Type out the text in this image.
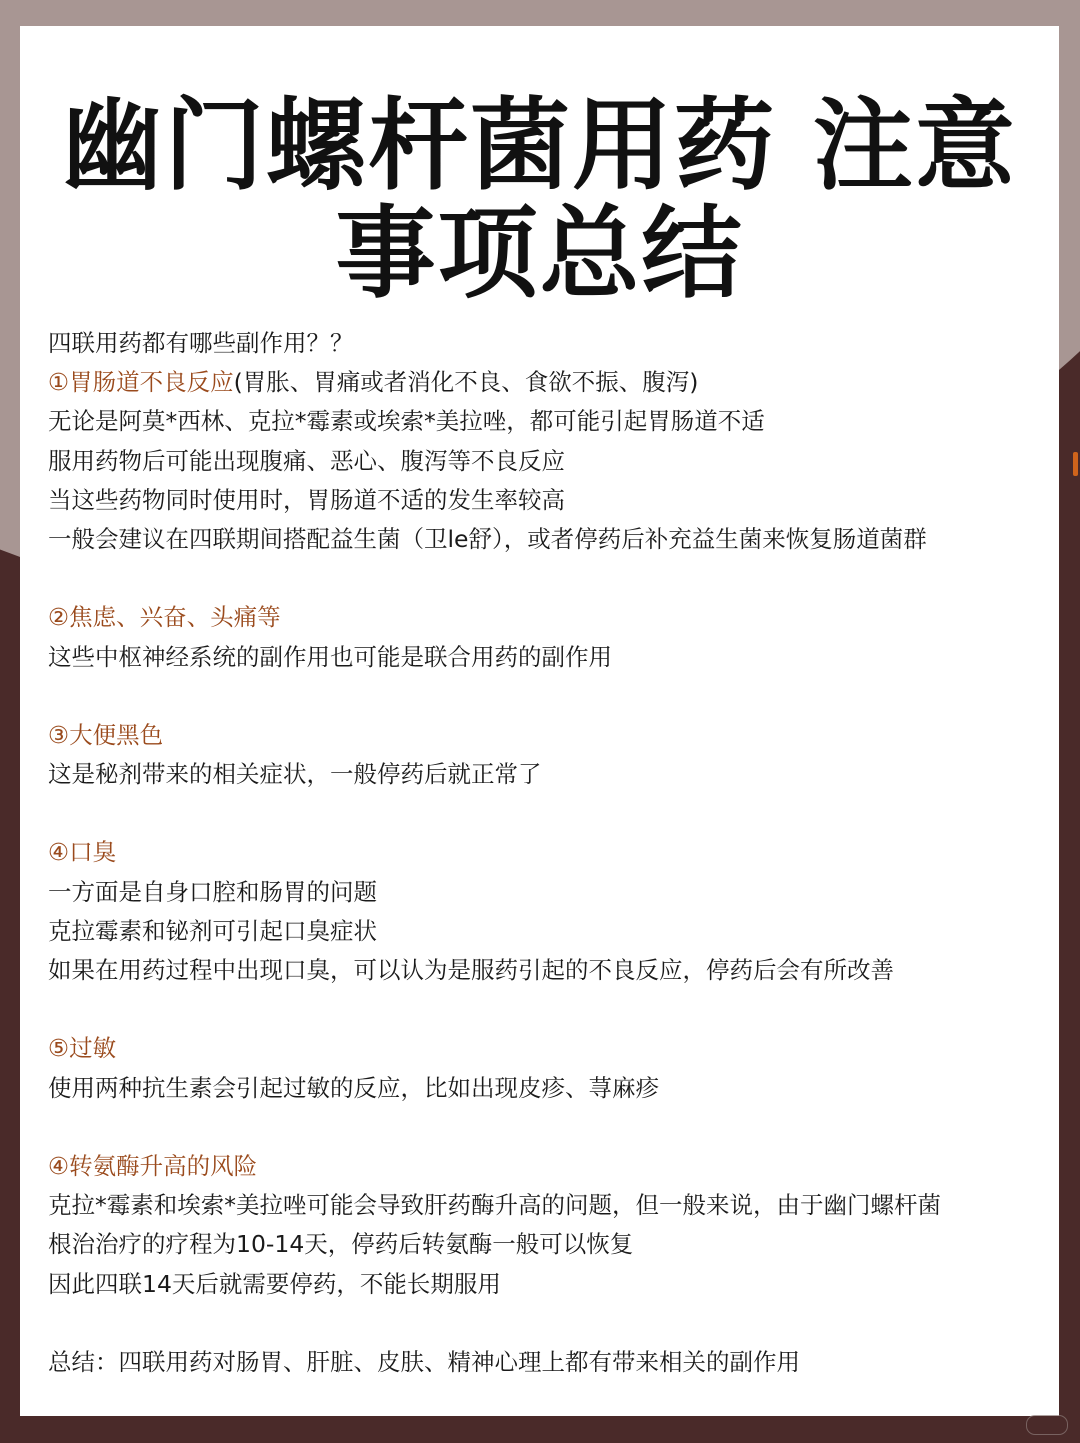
幽门螺杆菌用药 注意
事项总结
四联用药都有哪些副作用？？
①胃肠道不良反应(胃胀、胃痛或者消化不良、食欲不振、腹泻)
无论是阿莫*西林、克拉*霉素或埃索*美拉唑，都可能引起胃肠道不适
服用药物后可能出现腹痛、恶心、腹泻等不良反应
当这些药物同时使用时，胃肠道不适的发生率较高
一般会建议在四联期间搭配益生菌（卫le舒），或者停药后补充益生菌来恢复肠道菌群
②焦虑、兴奋、头痛等
这些中枢神经系统的副作用也可能是联合用药的副作用
③大便黑色
这是秘剂带来的相关症状，一般停药后就正常了
④口臭
一方面是自身口腔和肠胃的问题
克拉霉素和铋剂可引起口臭症状
如果在用药过程中出现口臭，可以认为是服药引起的不良反应，停药后会有所改善
⑤过敏
使用两种抗生素会引起过敏的反应，比如出现皮疹、荨麻疹
④转氨酶升高的风险
克拉*霉素和埃索*美拉唑可能会导致肝药酶升高的问题，但一般来说，由于幽门螺杆菌
根治治疗的疗程为10-14天，停药后转氨酶一般可以恢复
因此四联14天后就需要停药，不能长期服用
总结：四联用药对肠胃、肝脏、皮肤、精神心理上都有带来相关的副作用
